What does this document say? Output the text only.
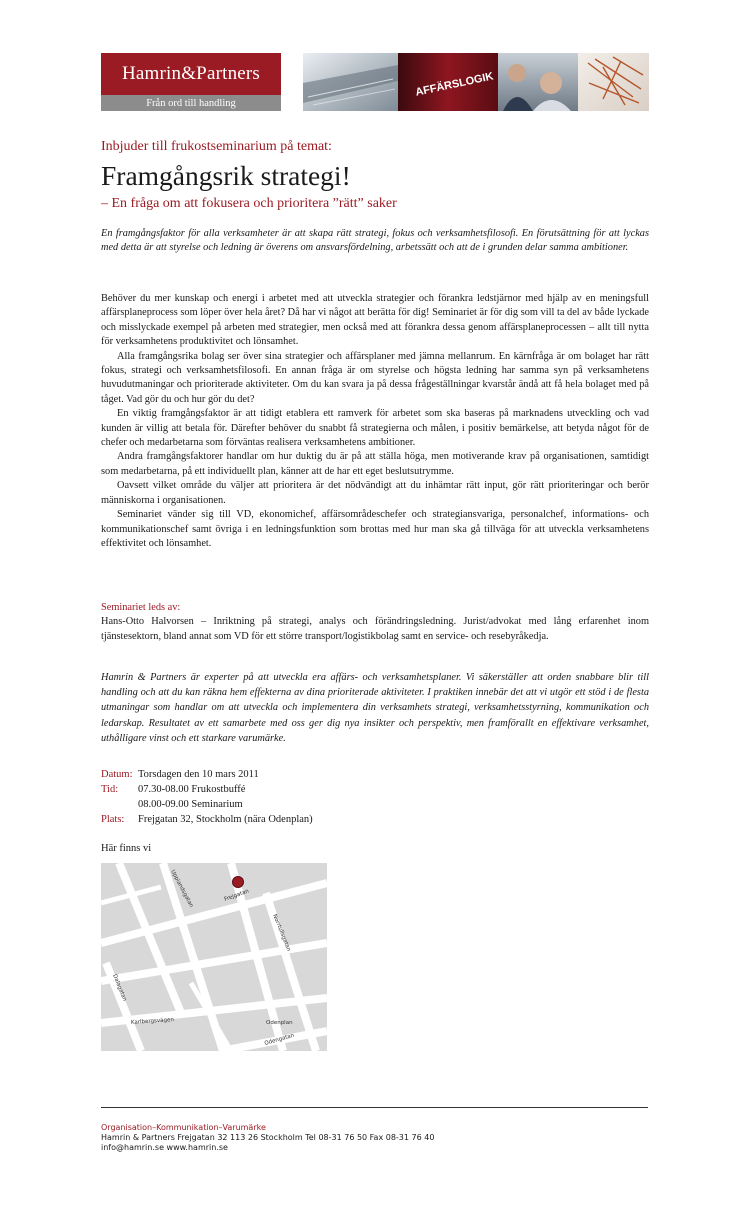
Hamrin&Partners
Från ord till handling
AFFÄRSLOGIK
Inbjuder till frukostseminarium på temat:
Framgångsrik strategi!
– En fråga om att fokusera och prioritera ”rätt” saker

En framgångsfaktor för alla verksamheter är att skapa rätt strategi, fokus och verksamhetsfilosofi. En förutsättning för att lyckas med detta är att styrelse och ledning är överens om ansvarsfördelning, arbetssätt och att de i grunden delar samma ambitioner.

Behöver du mer kunskap och energi i arbetet med att utveckla strategier och förankra ledstjärnor med hjälp av en meningsfull affärsplaneprocess som löper över hela året? Då har vi något att berätta för dig! Seminariet är för dig som vill ta del av både lyckade och misslyckade exempel på arbeten med strategier, men också med att förankra dessa genom affärsplaneprocessen – allt till nytta för verksamhetens produktivitet och lönsamhet.

Alla framgångsrika bolag ser över sina strategier och affärsplaner med jämna mellanrum. En kärnfråga är om bolaget har rätt fokus, strategi och verksamhetsfilosofi. En annan fråga är om styrelse och högsta ledning har samma syn på verksamhetens huvudutmaningar och prioriterade aktiviteter. Om du kan svara ja på dessa frågeställningar kvarstår ändå att få hela bolaget med på tåget. Vad gör du och hur gör du det?

En viktig framgångsfaktor är att tidigt etablera ett ramverk för arbetet som ska baseras på marknadens utveckling och vad kunden är villig att betala för. Därefter behöver du snabbt få strategierna och målen, i positiv bemärkelse, att betyda något för de chefer och medarbetarna som förväntas realisera verksamhetens ambitioner.

Andra framgångsfaktorer handlar om hur duktig du är på att ställa höga, men motiverande krav på organisationen, samtidigt som medarbetarna, på ett individuellt plan, känner att de har ett eget beslutsutrymme.

Oavsett vilket område du väljer att prioritera är det nödvändigt att du inhämtar rätt input, gör rätt prioriteringar och berör människorna i organisationen.

Seminariet vänder sig till VD, ekonomichef, affärsområdeschefer och strategiansvariga, personalchef, informations- och kommunikationschef samt övriga i en ledningsfunktion som brottas med hur man ska gå tillväga för att utveckla verksamhetens effektivitet och lönsamhet.

Seminariet leds av:

Hans-Otto Halvorsen – Inriktning på strategi, analys och förändringsledning. Jurist/advokat med lång erfarenhet inom tjänstesektorn, bland annat som VD för ett större transport/logistikbolag samt en service- och resebyråkedja.

Hamrin & Partners är experter på att utveckla era affärs- och verksamhetsplaner. Vi säkerställer att orden snabbare blir till handling och att du kan räkna hem effekterna av dina prioriterade aktiviteter. I praktiken innebär det att vi utgör ett stöd i de flesta utmaningar som handlar om att utveckla och implementera din verksamhets strategi, verksamhetsstyrning, kommunikation och ledarskap. Resultatet av ett samarbete med oss ger dig nya insikter och perspektiv, men framförallt en effektivare verksamhet, uthålligare vinst och ett starkare varumärke.

Datum: Torsdagen den 10 mars 2011
Tid:	07.30-08.00 Frukostbuffé
08.00-09.00 Seminarium
Plats:	Frejgatan 32, Stockholm (nära Odenplan)
Här finns vi
Upplandsgatan	Frejgatan
Norrtullsgatan
Dalagatan
Karlbergsvägen	Odenplan
Odengatan
Organisation–Kommunikation–Varumärke
Hamrin & Partners Frejgatan 32 113 26 Stockholm Tel 08-31 76 50 Fax 08-31 76 40
info@hamrin.se www.hamrin.se
